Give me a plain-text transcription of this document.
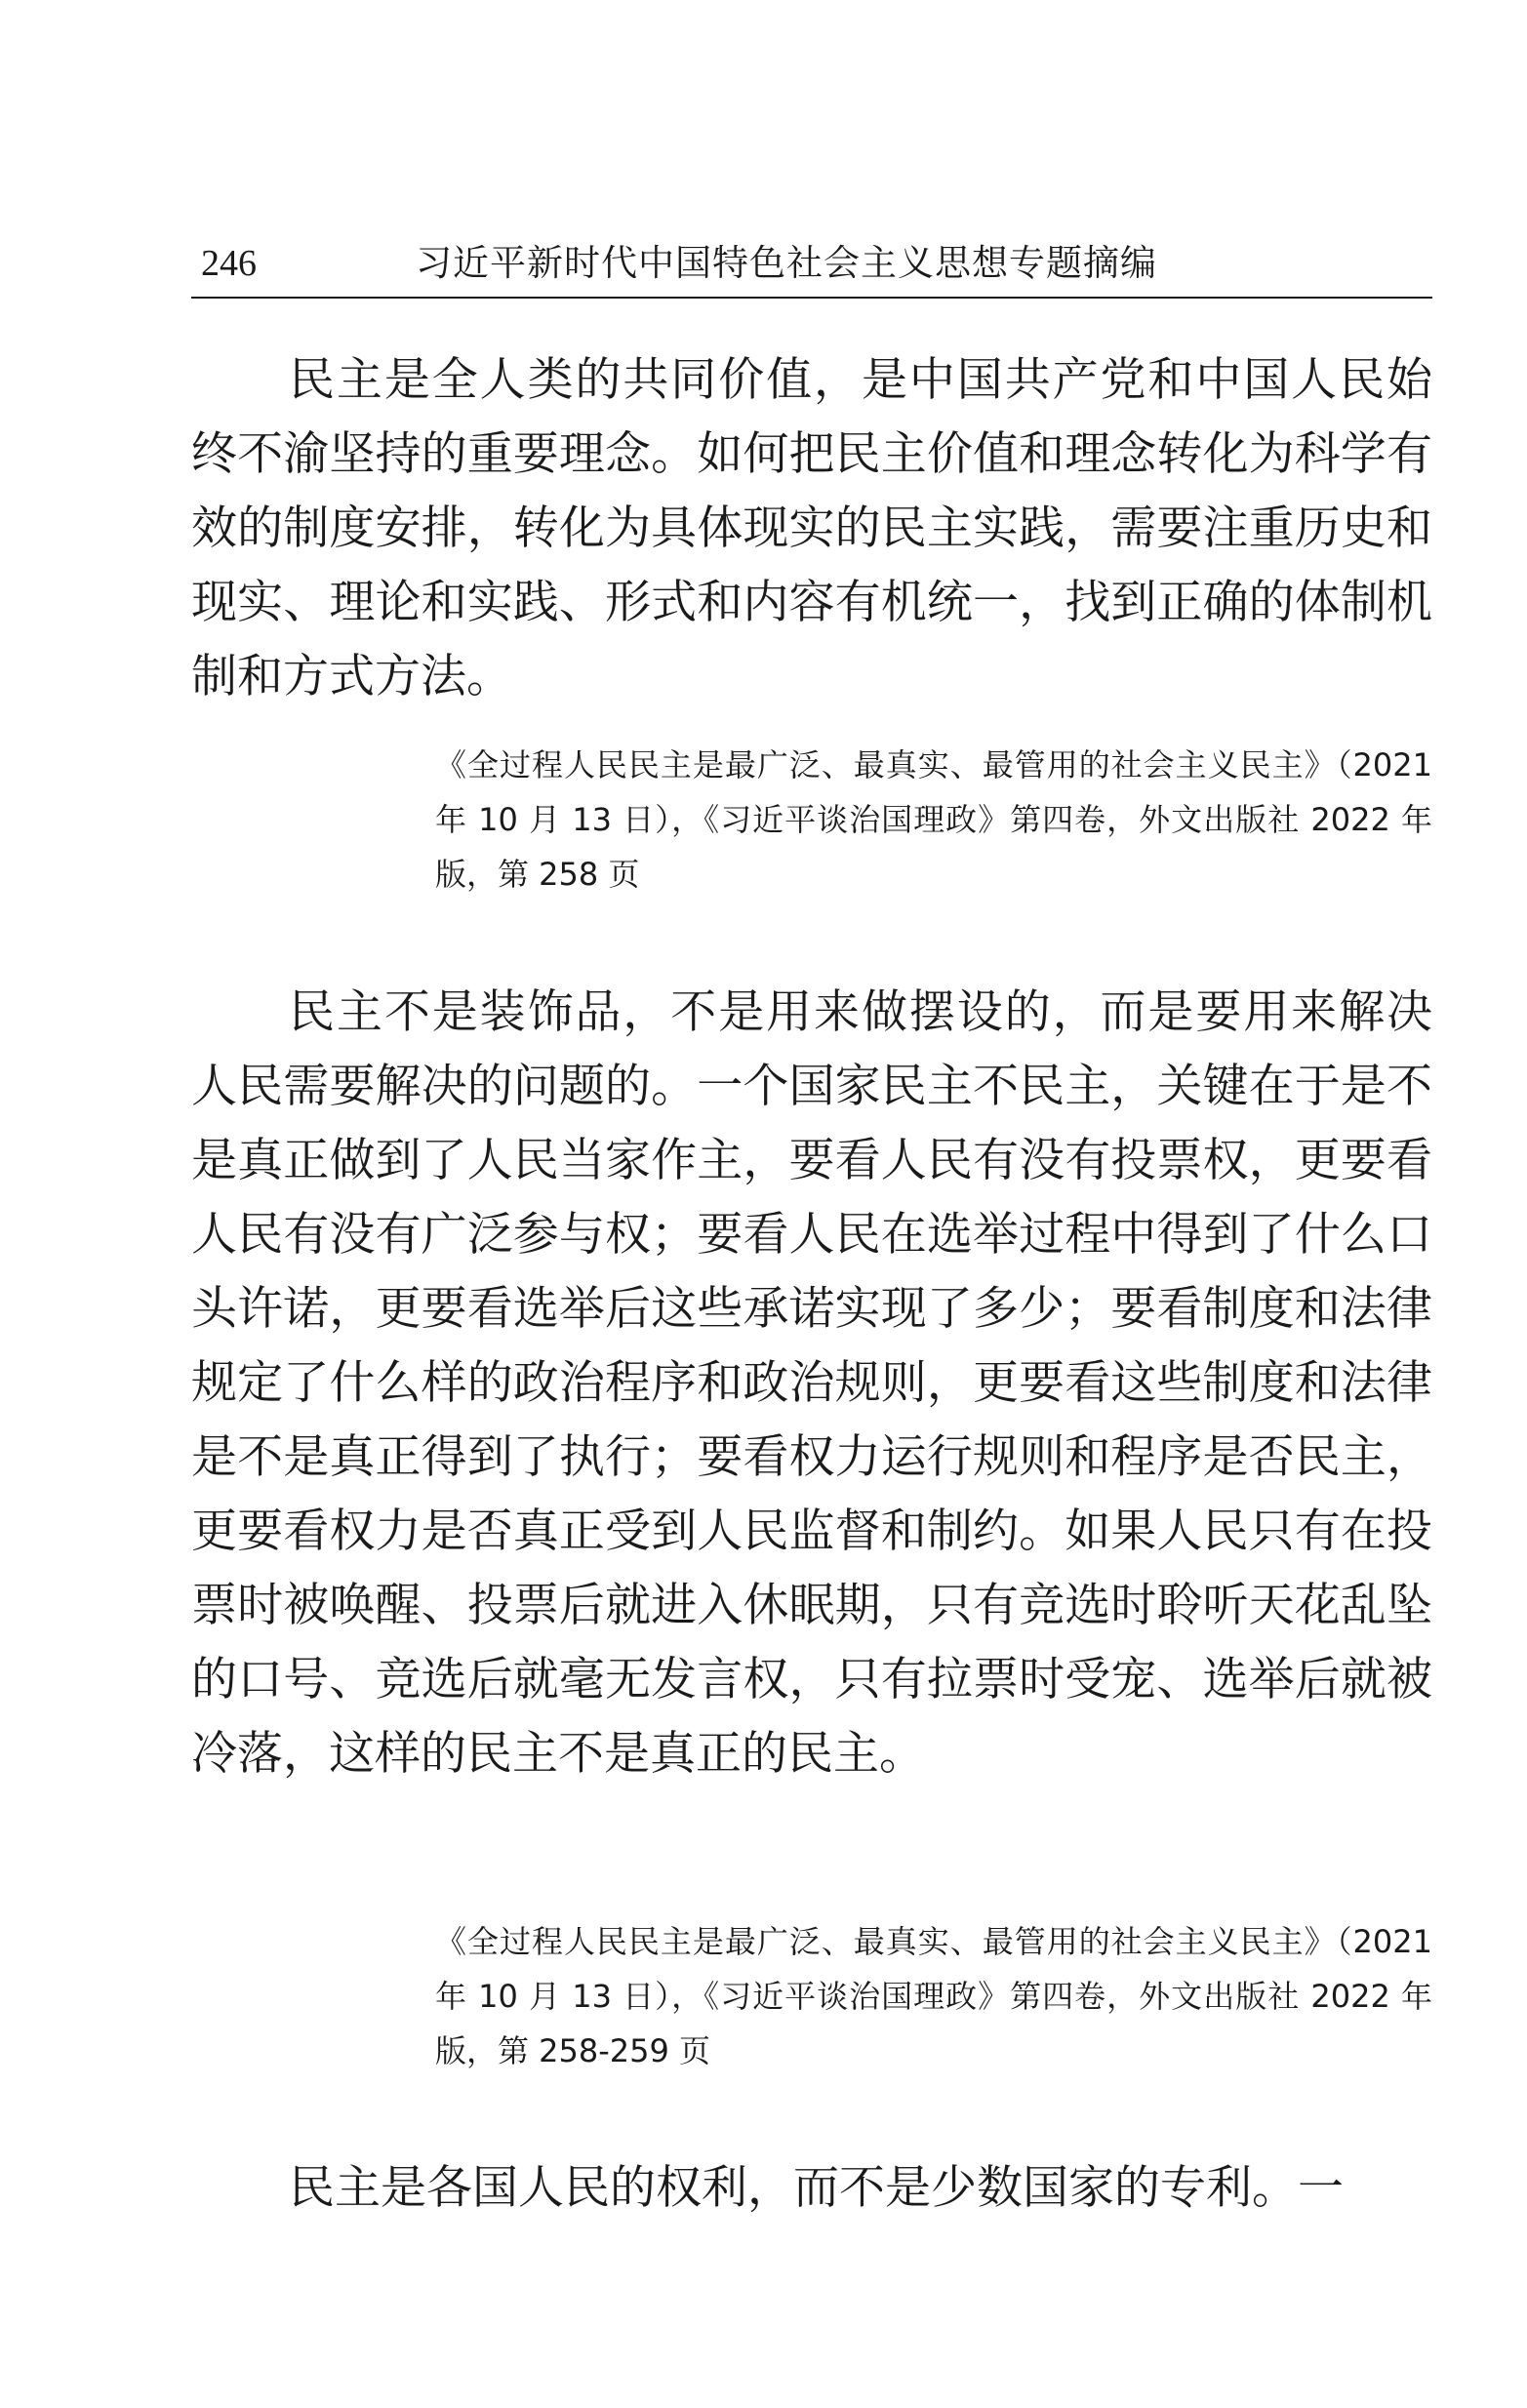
246	习近平新时代中国特色社会主义思想专题摘编

民主是全人类的共同价值，是中国共产党和中国人民始终不渝坚持的重要理念。如何把民主价值和理念转化为科学有效的制度安排，转化为具体现实的民主实践，需要注重历史和现实、理论和实践、形式和内容有机统一，找到正确的体制机制和方式方法。

《全过程人民民主是最广泛、最真实、最管用的社会主义民主》（2021 年 10 月 13 日），《习近平谈治国理政》第四卷，外文出版社 2022 年版，第 258 页

民主不是装饰品，不是用来做摆设的，而是要用来解决人民需要解决的问题的。一个国家民主不民主，关键在于是不是真正做到了人民当家作主，要看人民有没有投票权，更要看人民有没有广泛参与权；要看人民在选举过程中得到了什么口头许诺，更要看选举后这些承诺实现了多少；要看制度和法律规定了什么样的政治程序和政治规则，更要看这些制度和法律是不是真正得到了执行；要看权力运行规则和程序是否民主，更要看权力是否真正受到人民监督和制约。如果人民只有在投票时被唤醒、投票后就进入休眠期，只有竞选时聆听天花乱坠的口号、竞选后就毫无发言权，只有拉票时受宠、选举后就被冷落，这样的民主不是真正的民主。

《全过程人民民主是最广泛、最真实、最管用的社会主义民主》（2021 年 10 月 13 日），《习近平谈治国理政》第四卷，外文出版社 2022 年版，第 258-259 页

民主是各国人民的权利，而不是少数国家的专利。一
